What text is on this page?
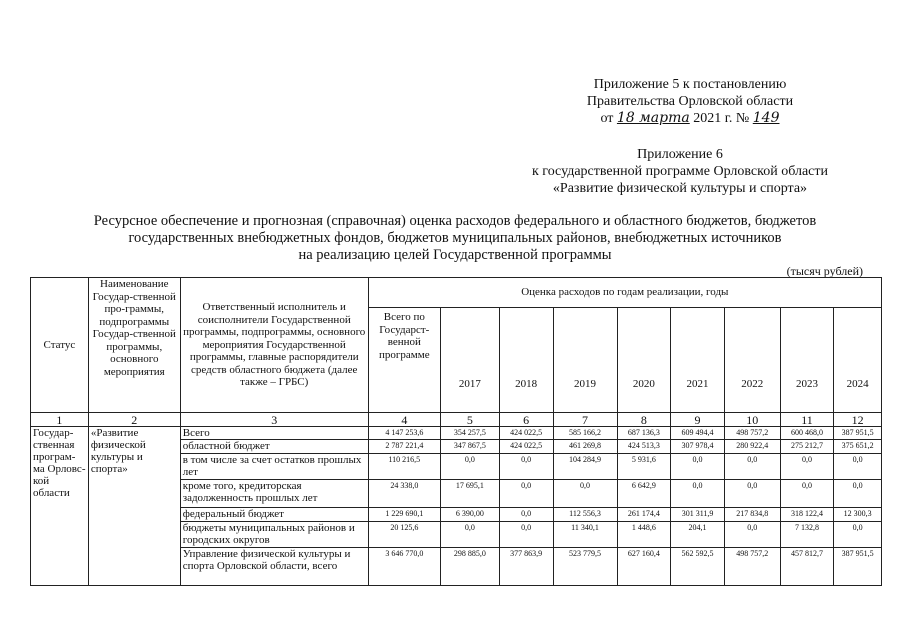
Приложение 5 к постановлению
Правительства Орловской области
от 18 марта 2021 г. № 149
Приложение 6
к государственной программе Орловской области
«Развитие физической культуры и спорта»
Ресурсное обеспечение и прогнозная (справочная) оценка расходов федерального и областного бюджетов, бюджетов
государственных внебюджетных фондов, бюджетов муниципальных районов, внебюджетных источников
на реализацию целей Государственной программы
(тысяч рублей)
Статус	Наименование Государ-ственной про-граммы, подпрограммы Государ-ственной программы, основного мероприятия	Ответственный исполнитель и соисполнители Государственной программы, подпрограммы, основного мероприятия Государственной программы, главные распорядители средств областного бюджета (далее также – ГРБС)	Оценка расходов по годам реализации, годы								
			Всего по Государст-венной программе	2017	2018	2019	2020	2021	2022	2023	2024
1	2	3	4	5	6	7	8	9	10	11	12
Государ-ственная програм-ма Орловс-кой области	«Развитие физической культуры и спорта»	Всего	4 147 253,6	354 257,5	424 022,5	585 166,2	687 136,3	609 494,4	498 757,2	600 468,0	387 951,5
		областной бюджет	2 787 221,4	347 867,5	424 022,5	461 269,8	424 513,3	307 978,4	280 922,4	275 212,7	375 651,2
		в том числе за счет остатков прошлых лет	110 216,5	0,0	0,0	104 284,9	5 931,6	0,0	0,0	0,0	0,0
		кроме того, кредиторская задолженность прошлых лет	24 338,0	17 695,1	0,0	0,0	6 642,9	0,0	0,0	0,0	0,0
		федеральный бюджет	1 229 690,1	6 390,00	0,0	112 556,3	261 174,4	301 311,9	217 834,8	318 122,4	12 300,3
		бюджеты муниципальных районов и городских округов	20 125,6	0,0	0,0	11 340,1	1 448,6	204,1	0,0	7 132,8	0,0
		Управление физической культуры и спорта Орловской области, всего	3 646 770,0	298 885,0	377 863,9	523 779,5	627 160,4	562 592,5	498 757,2	457 812,7	387 951,5
